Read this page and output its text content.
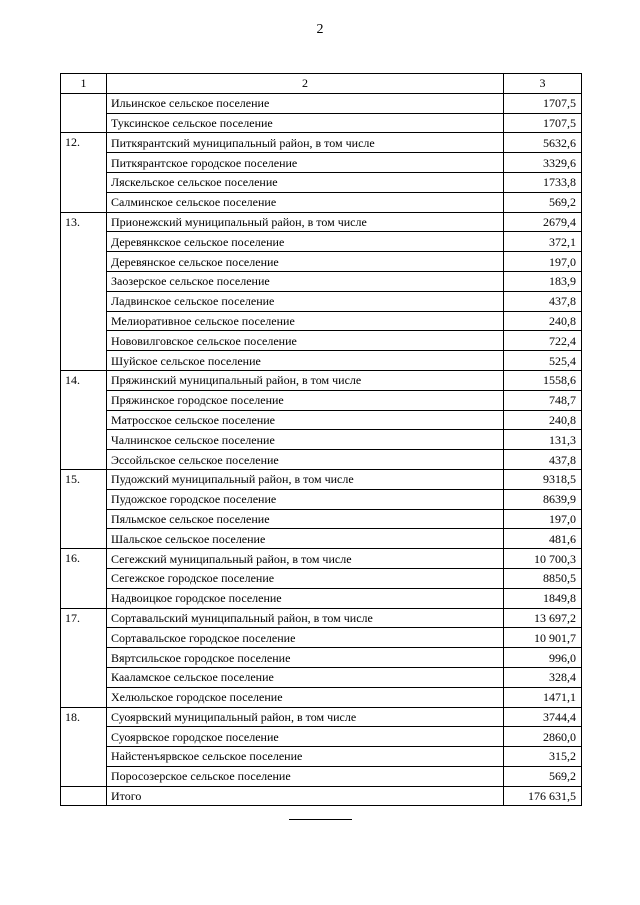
2
1	2	3
	Ильинское сельское поселение	1707,5
	Туксинское сельское поселение	1707,5
12.	Питкярантский муниципальный район, в том числе	5632,6
	Питкярантское городское поселение	3329,6
	Ляскельское сельское поселение	1733,8
	Салминское сельское поселение	569,2
13.	Прионежский муниципальный район, в том числе	2679,4
	Деревянкское сельское поселение	372,1
	Деревянское сельское поселение	197,0
	Заозерское сельское поселение	183,9
	Ладвинское сельское поселение	437,8
	Мелиоративное сельское поселение	240,8
	Нововилговское сельское поселение	722,4
	Шуйское сельское поселение	525,4
14.	Пряжинский муниципальный район, в том числе	1558,6
	Пряжинское городское поселение	748,7
	Матросское сельское поселение	240,8
	Чалнинское сельское поселение	131,3
	Эссойльское сельское поселение	437,8
15.	Пудожский муниципальный район, в том числе	9318,5
	Пудожское городское поселение	8639,9
	Пяльмское сельское поселение	197,0
	Шальское сельское поселение	481,6
16.	Сегежский муниципальный район, в том числе	10 700,3
	Сегежское городское поселение	8850,5
	Надвоицкое городское поселение	1849,8
17.	Сортавальский муниципальный район, в том числе	13 697,2
	Сортавальское городское поселение	10 901,7
	Вяртсильское городское поселение	996,0
	Кааламское сельское поселение	328,4
	Хелюльское городское поселение	1471,1
18.	Суоярвский муниципальный район, в том числе	3744,4
	Суоярвское городское поселение	2860,0
	Найстенъярвское сельское поселение	315,2
	Поросозерское сельское поселение	569,2
	Итого	176 631,5
